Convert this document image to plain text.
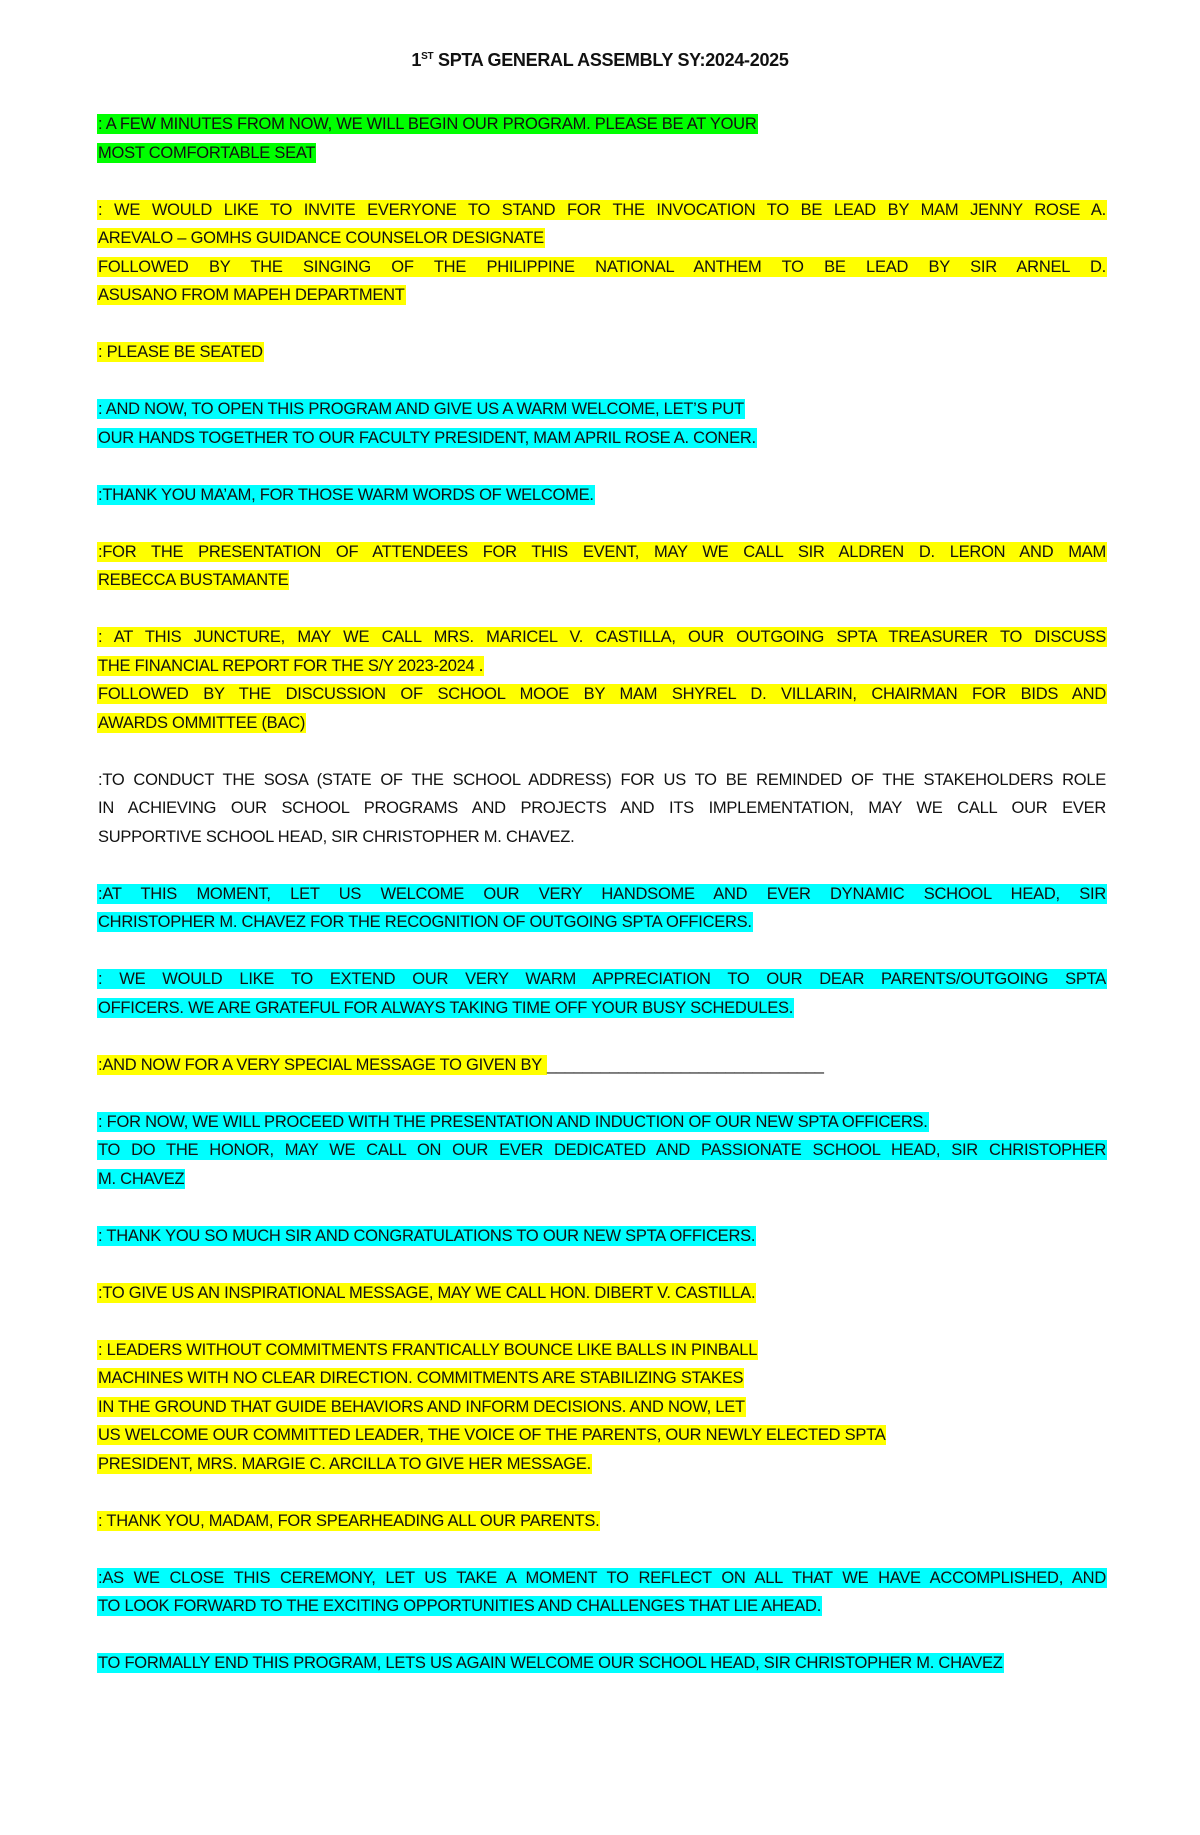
1ST SPTA GENERAL ASSEMBLY SY:2024-2025
: A FEW MINUTES FROM NOW, WE WILL BEGIN OUR PROGRAM. PLEASE BE AT YOUR
MOST COMFORTABLE SEAT
: WE WOULD LIKE TO INVITE EVERYONE TO STAND FOR THE INVOCATION TO BE LEAD BY MAM JENNY ROSE A.
AREVALO – GOMHS GUIDANCE COUNSELOR DESIGNATE
FOLLOWED BY THE SINGING OF THE PHILIPPINE NATIONAL ANTHEM TO BE LEAD BY SIR ARNEL D.
ASUSANO FROM MAPEH DEPARTMENT
: PLEASE BE SEATED
: AND NOW, TO OPEN THIS PROGRAM AND GIVE US A WARM WELCOME, LET’S PUT
OUR HANDS TOGETHER TO OUR FACULTY PRESIDENT, MAM APRIL ROSE A. CONER.
:THANK YOU MA’AM, FOR THOSE WARM WORDS OF WELCOME.
:FOR THE PRESENTATION OF ATTENDEES FOR THIS EVENT, MAY WE CALL SIR ALDREN D. LERON AND MAM
REBECCA BUSTAMANTE
: AT THIS JUNCTURE, MAY WE CALL MRS. MARICEL V. CASTILLA, OUR OUTGOING SPTA TREASURER TO DISCUSS
THE FINANCIAL REPORT FOR THE S/Y 2023-2024 .
FOLLOWED BY THE DISCUSSION OF SCHOOL MOOE BY MAM SHYREL D. VILLARIN, CHAIRMAN FOR BIDS AND
AWARDS OMMITTEE (BAC)
:TO CONDUCT THE SOSA (STATE OF THE SCHOOL ADDRESS) FOR US TO BE REMINDED OF THE STAKEHOLDERS ROLE
IN ACHIEVING OUR SCHOOL PROGRAMS AND PROJECTS AND ITS IMPLEMENTATION, MAY WE CALL OUR EVER
SUPPORTIVE SCHOOL HEAD, SIR CHRISTOPHER M. CHAVEZ.
:AT THIS MOMENT, LET US WELCOME OUR VERY HANDSOME AND EVER DYNAMIC SCHOOL HEAD, SIR
CHRISTOPHER M. CHAVEZ FOR THE RECOGNITION OF OUTGOING SPTA OFFICERS.
: WE WOULD LIKE TO EXTEND OUR VERY WARM APPRECIATION TO OUR DEAR PARENTS/OUTGOING SPTA
OFFICERS. WE ARE GRATEFUL FOR ALWAYS TAKING TIME OFF YOUR BUSY SCHEDULES.
:AND NOW FOR A VERY SPECIAL MESSAGE TO GIVEN BY _______________________________
: FOR NOW, WE WILL PROCEED WITH THE PRESENTATION AND INDUCTION OF OUR NEW SPTA OFFICERS.
TO DO THE HONOR, MAY WE CALL ON OUR EVER DEDICATED AND PASSIONATE SCHOOL HEAD, SIR CHRISTOPHER
M. CHAVEZ
: THANK YOU SO MUCH SIR AND CONGRATULATIONS TO OUR NEW SPTA OFFICERS.
:TO GIVE US AN INSPIRATIONAL MESSAGE, MAY WE CALL HON. DIBERT V. CASTILLA.
: LEADERS WITHOUT COMMITMENTS FRANTICALLY BOUNCE LIKE BALLS IN PINBALL
MACHINES WITH NO CLEAR DIRECTION. COMMITMENTS ARE STABILIZING STAKES
IN THE GROUND THAT GUIDE BEHAVIORS AND INFORM DECISIONS. AND NOW, LET
US WELCOME OUR COMMITTED LEADER, THE VOICE OF THE PARENTS, OUR NEWLY ELECTED SPTA
PRESIDENT, MRS. MARGIE C. ARCILLA TO GIVE HER MESSAGE.
: THANK YOU, MADAM, FOR SPEARHEADING ALL OUR PARENTS.
:AS WE CLOSE THIS CEREMONY, LET US TAKE A MOMENT TO REFLECT ON ALL THAT WE HAVE ACCOMPLISHED, AND
TO LOOK FORWARD TO THE EXCITING OPPORTUNITIES AND CHALLENGES THAT LIE AHEAD.
TO FORMALLY END THIS PROGRAM, LETS US AGAIN WELCOME OUR SCHOOL HEAD, SIR CHRISTOPHER M. CHAVEZ
